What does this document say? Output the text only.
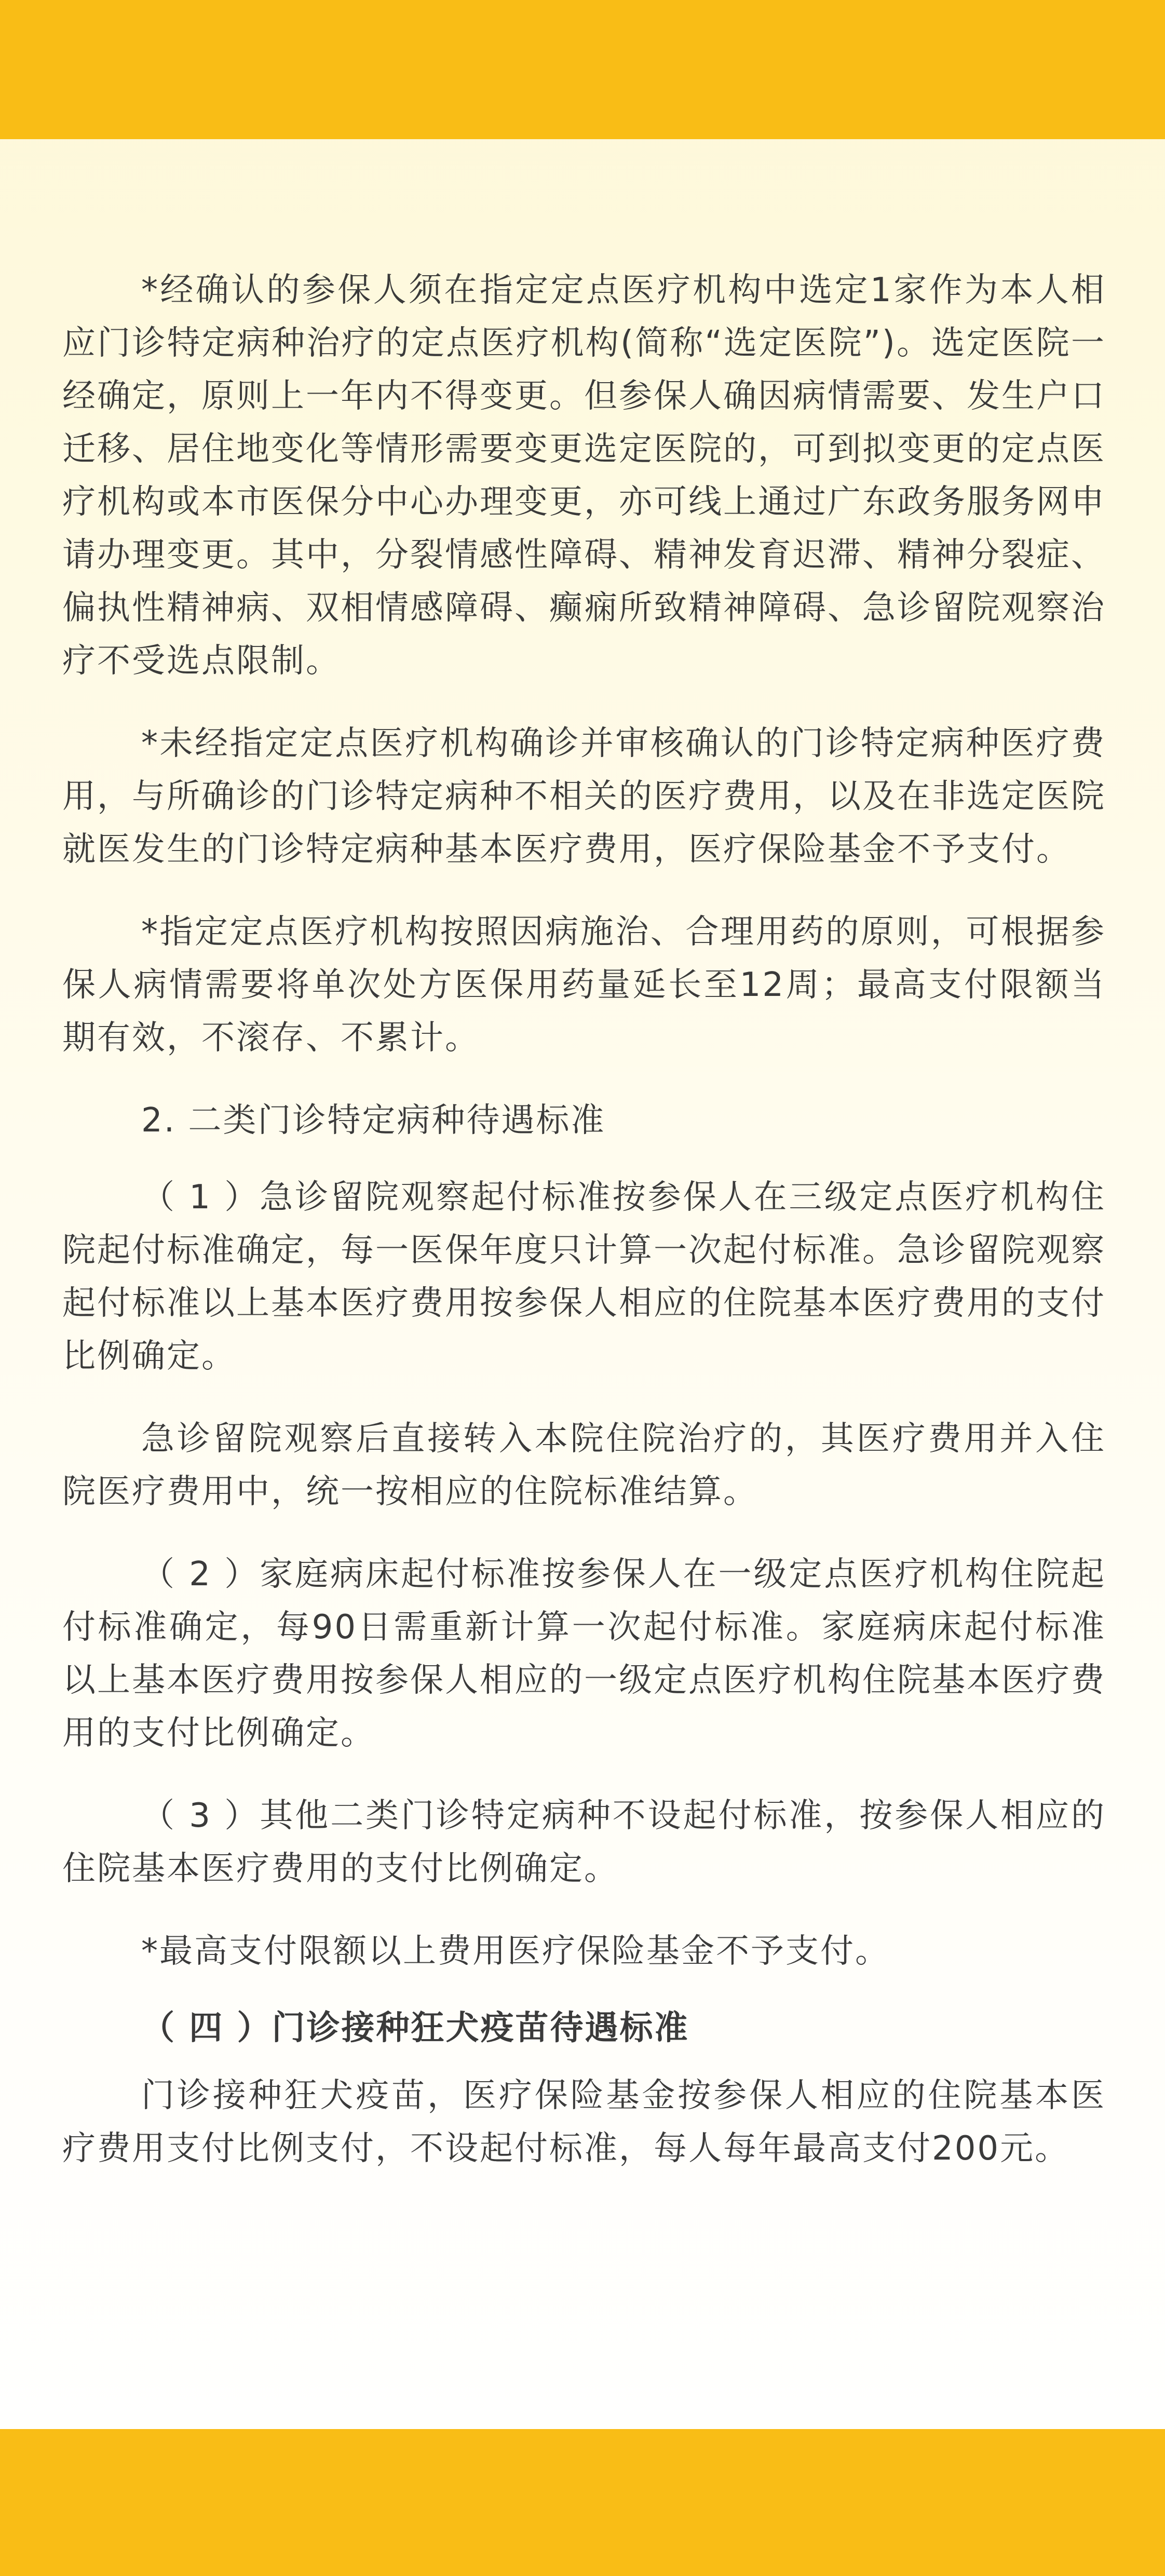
*经确认的参保人须在指定定点医疗机构中选定1家作为本人相应门诊特定病种治疗的定点医疗机构(简称“选定医院”)。选定医院一经确定，原则上一年内不得变更。但参保人确因病情需要、发生户口迁移、居住地变化等情形需要变更选定医院的，可到拟变更的定点医疗机构或本市医保分中心办理变更，亦可线上通过广东政务服务网申请办理变更。其中，分裂情感性障碍、精神发育迟滞、精神分裂症、偏执性精神病、双相情感障碍、癫痫所致精神障碍、急诊留院观察治疗不受选点限制。

*未经指定定点医疗机构确诊并审核确认的门诊特定病种医疗费用，与所确诊的门诊特定病种不相关的医疗费用，以及在非选定医院就医发生的门诊特定病种基本医疗费用，医疗保险基金不予支付。

*指定定点医疗机构按照因病施治、合理用药的原则，可根据参保人病情需要将单次处方医保用药量延长至12周；最高支付限额当期有效，不滚存、不累计。

2. 二类门诊特定病种待遇标准

（ 1 ）急诊留院观察起付标准按参保人在三级定点医疗机构住院起付标准确定，每一医保年度只计算一次起付标准。急诊留院观察起付标准以上基本医疗费用按参保人相应的住院基本医疗费用的支付比例确定。

急诊留院观察后直接转入本院住院治疗的，其医疗费用并入住院医疗费用中，统一按相应的住院标准结算。

（ 2 ）家庭病床起付标准按参保人在一级定点医疗机构住院起付标准确定，每90日需重新计算一次起付标准。家庭病床起付标准以上基本医疗费用按参保人相应的一级定点医疗机构住院基本医疗费用的支付比例确定。

（ 3 ）其他二类门诊特定病种不设起付标准，按参保人相应的住院基本医疗费用的支付比例确定。

*最高支付限额以上费用医疗保险基金不予支付。

（ 四 ）门诊接种狂犬疫苗待遇标准

门诊接种狂犬疫苗，医疗保险基金按参保人相应的住院基本医疗费用支付比例支付，不设起付标准，每人每年最高支付200元。
